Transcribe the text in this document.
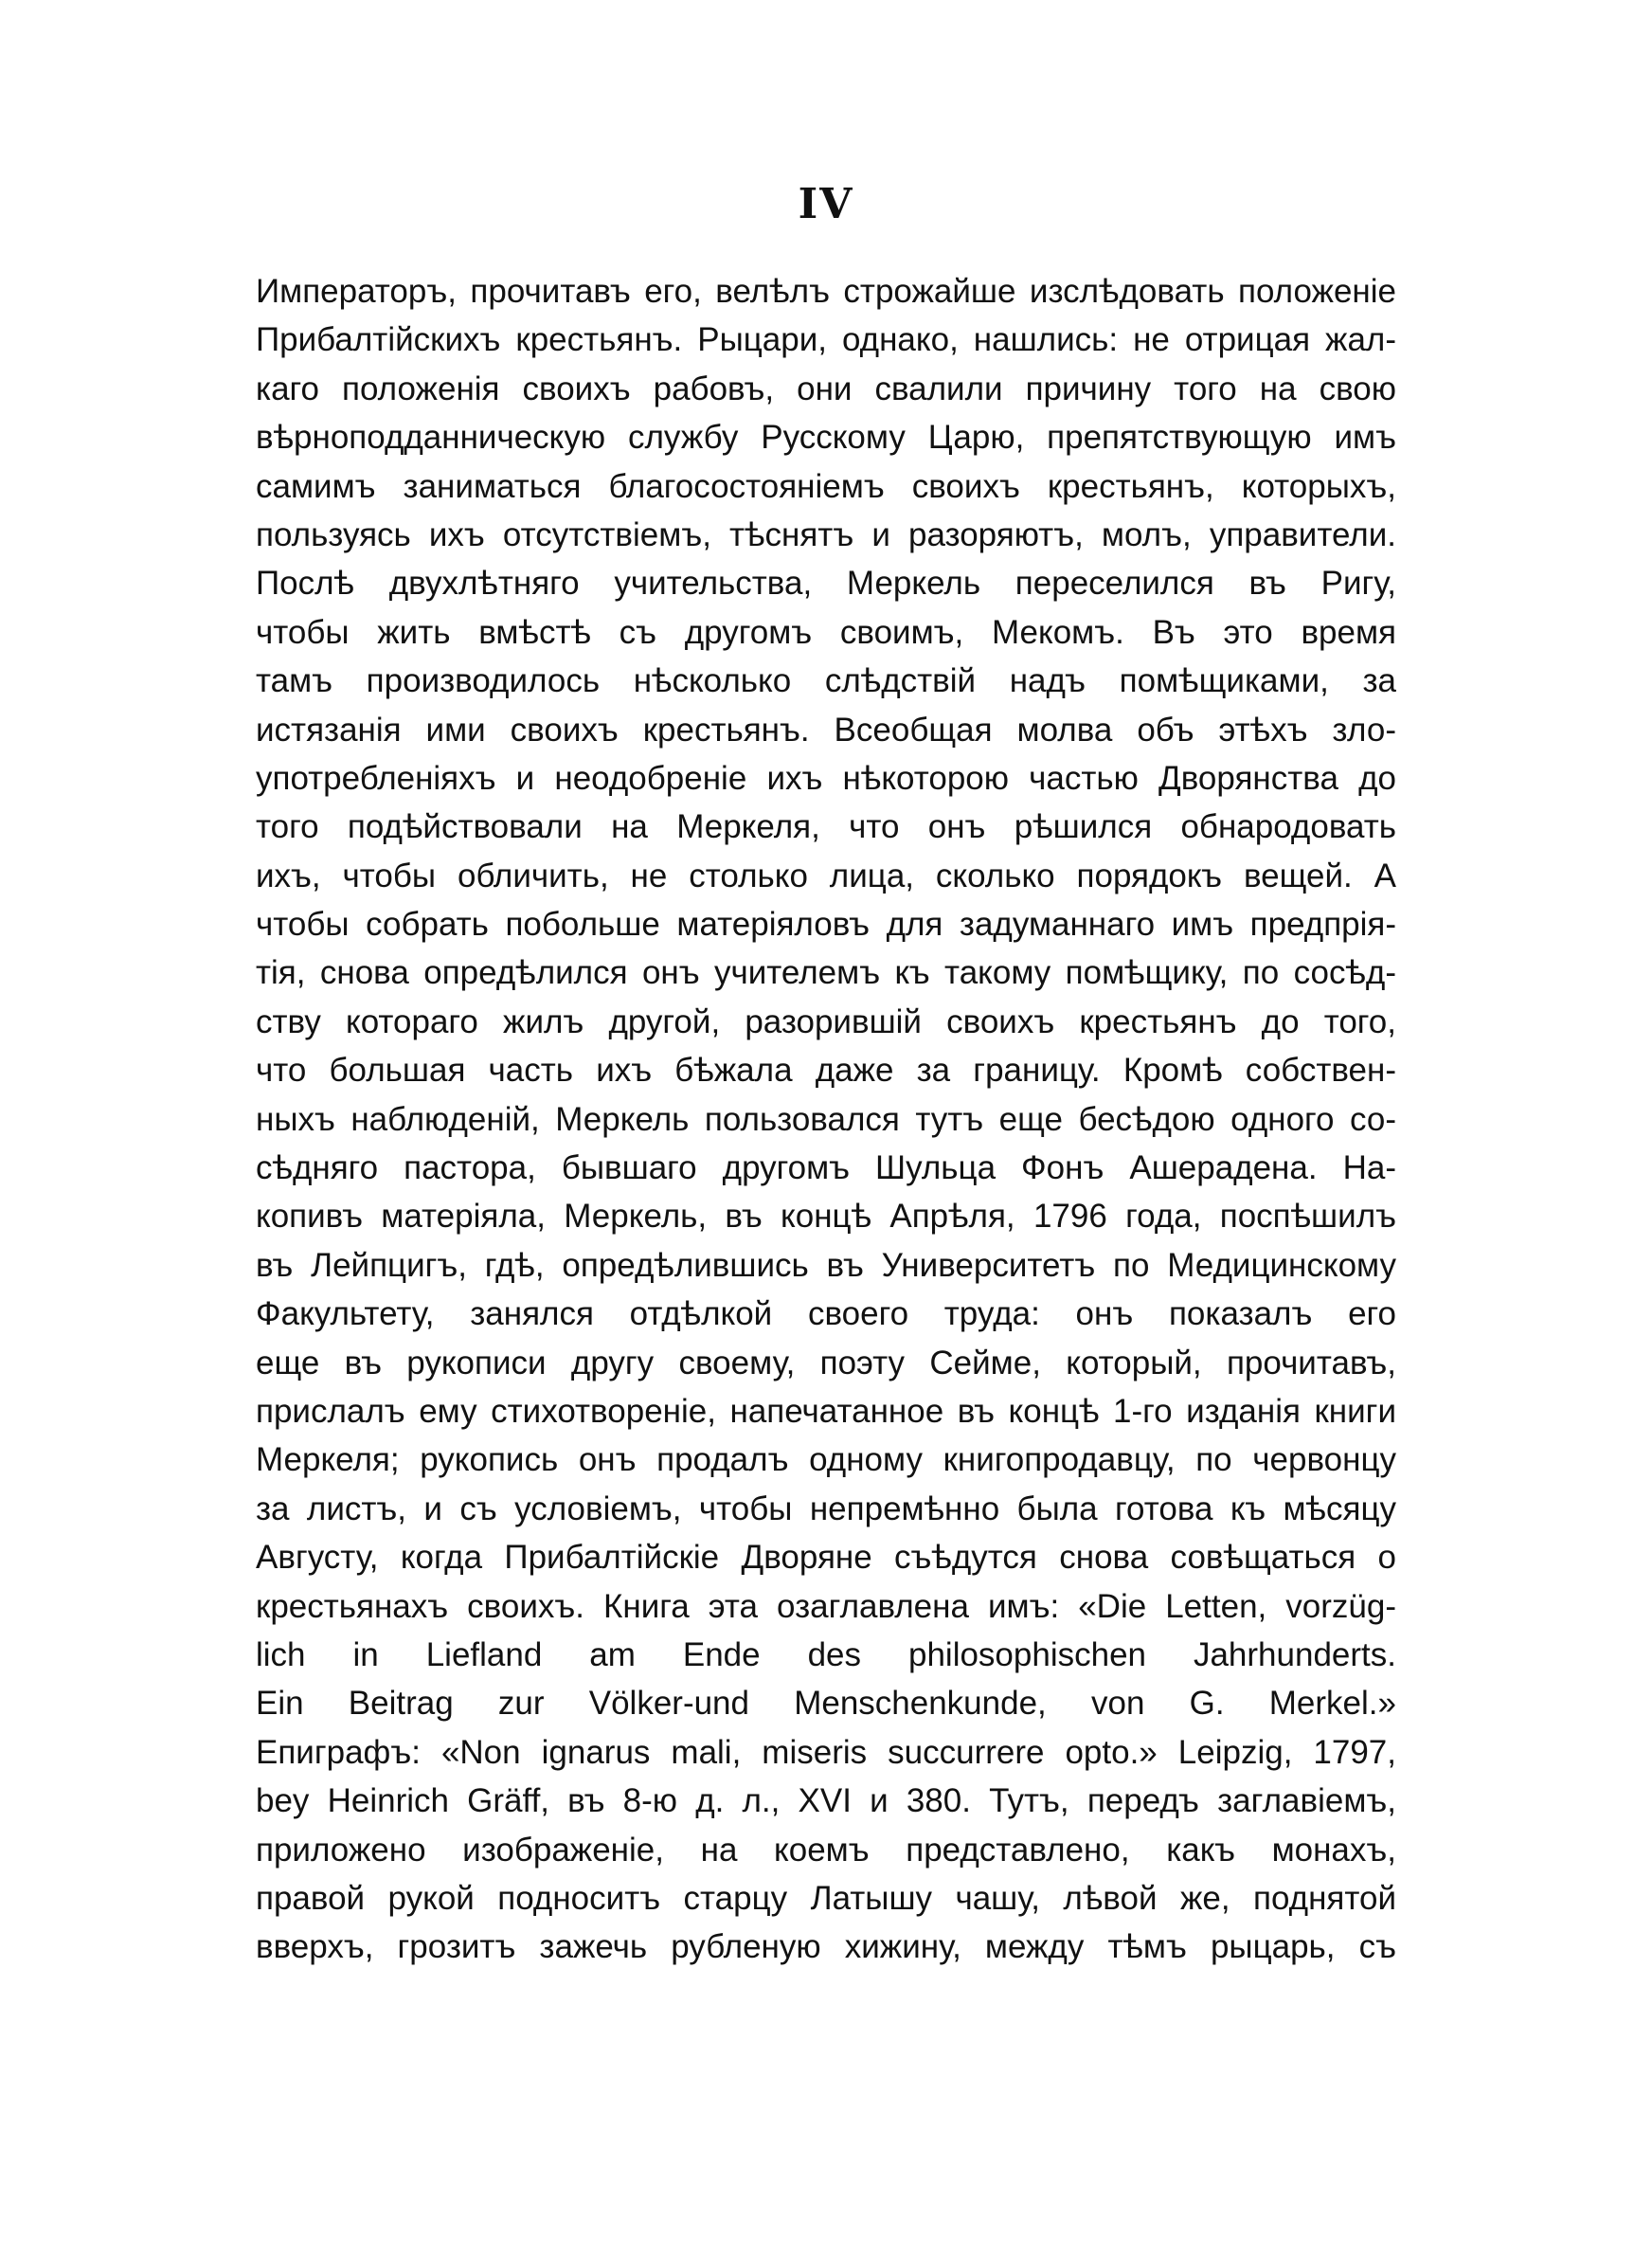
IV
Императоръ, прочитавъ его, велѣлъ строжайше изслѣдовать положенiе
Прибалтiйскихъ крестьянъ. Рыцари, однако, нашлись: не отрицая жал-
каго положенiя своихъ рабовъ, они свалили причину того на свою
вѣрноподданническую службу Русскому Царю, препятствующую имъ
самимъ заниматься благосостоянiемъ своихъ крестьянъ, которыхъ,
пользуясь ихъ отсутствiемъ, тѣснятъ и разоряютъ, молъ, управители.
Послѣ двухлѣтняго учительства, Меркель переселился въ Ригу,
чтобы жить вмѣстѣ съ другомъ своимъ, Мекомъ. Въ это время
тамъ производилось нѣсколько слѣдствiй надъ помѣщиками, за
истязанiя ими своихъ крестьянъ. Всеобщая молва объ этѣхъ зло-
употребленiяхъ и неодобренiе ихъ нѣкоторою частью Дворянства до
того подѣйствовали на Меркеля, что онъ рѣшился обнародовать
ихъ, чтобы обличить, не столько лица, сколько порядокъ вещей. А
чтобы собрать побольше матерiяловъ для задуманнаго имъ предпрiя-
тiя, снова опредѣлился онъ учителемъ къ такому помѣщику, по сосѣд-
ству котораго жилъ другой, разорившiй своихъ крестьянъ до того,
что большая часть ихъ бѣжала даже за границу. Кромѣ собствен-
ныхъ наблюденiй, Меркель пользовался тутъ еще бесѣдою одного со-
сѣдняго пастора, бывшаго другомъ Шульца Фонъ Ашерадена. На-
копивъ матерiяла, Меркель, въ концѣ Апрѣля, 1796 года, поспѣшилъ
въ Лейпцигъ, гдѣ, опредѣлившись въ Университетъ по Медицинскому
Факультету, занялся отдѣлкой своего труда: онъ показалъ его
еще въ рукописи другу своему, поэту Сейме, который, прочитавъ,
прислалъ ему стихотворенiе, напечатанное въ концѣ 1-го изданiя книги
Меркеля; рукопись онъ продалъ одному книгопродавцу, по червонцу
за листъ, и съ условiемъ, чтобы непремѣнно была готова къ мѣсяцу
Августу, когда Прибалтiйскiе Дворяне съѣдутся снова совѣщаться о
крестьянахъ своихъ. Книга эта озаглавлена имъ: «Die Letten, vorzüg-
lich in Liefland am Ende des philosophischen Jahrhunderts.
Ein Beitrag zur Völker-und Menschenkunde, von G. Merkel.»
Епиграфъ: «Non ignarus mali, miseris succurrere opto.» Leipzig, 1797,
bey Heinrich Gräff, въ 8-ю д. л., XVI и 380. Тутъ, передъ заглавiемъ,
приложено изображенiе, на коемъ представлено, какъ монахъ,
правой рукой подноситъ старцу Латышу чашу, лѣвой же, поднятой
вверхъ, грозитъ зажечь рубленую хижину, между тѣмъ рыцарь, съ
